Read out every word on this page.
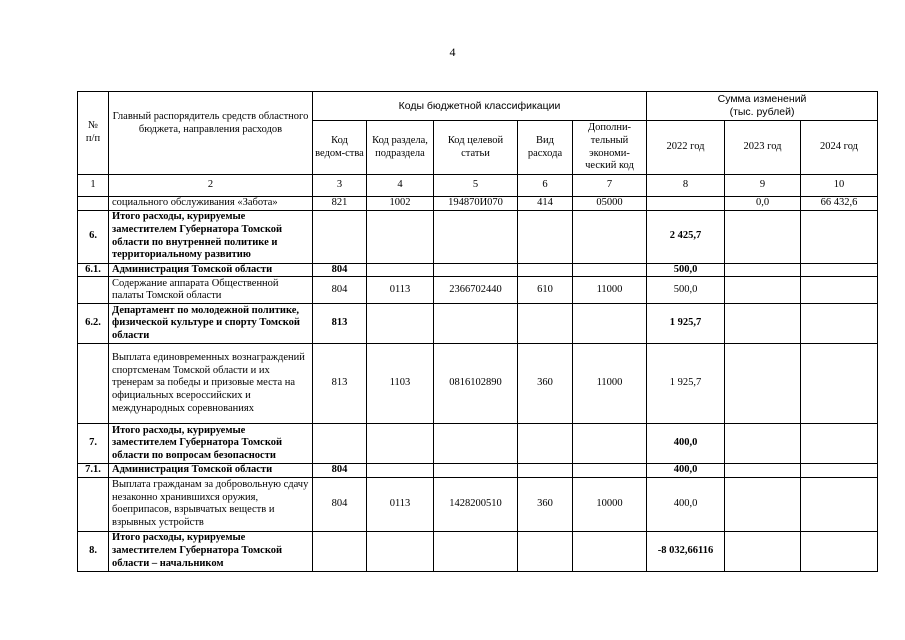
4
№
п/п	Главный распорядитель средств областного бюджета, направления расходов	Коды бюджетной классификации					Сумма изменений
(тыс. рублей)		
		Код ведом-ства	Код раздела, подраздела	Код целевой статьи	Вид расхода	Дополни-тельный экономи-ческий код	2022 год	2023 год	2024 год
1	2	3	4	5	6	7	8	9	10
	социального обслуживания «Забота»	821	1002	194870И070	414	05000		0,0	66 432,6
6.	Итого расходы, курируемые заместителем Губернатора Томской области по внутренней политике и территориальному развитию						2 425,7		
6.1.	Администрация Томской области	804					500,0		
	Содержание аппарата Общественной палаты Томской области	804	0113	2366702440	610	11000	500,0		
6.2.	Департамент по молодежной политике, физической культуре и спорту Томской области	813					1 925,7		
	Выплата единовременных вознаграждений спортсменам Томской области и их тренерам за победы и призовые места на официальных всероссийских и международных соревнованиях	813	1103	0816102890	360	11000	1 925,7		
7.	Итого расходы, курируемые заместителем Губернатора Томской области по вопросам безопасности						400,0		
7.1.	Администрация Томской области	804					400,0		
	Выплата гражданам за добровольную сдачу незаконно хранившихся оружия, боеприпасов, взрывчатых веществ и взрывных устройств	804	0113	1428200510	360	10000	400,0		
8.	Итого расходы, курируемые заместителем Губернатора Томской области – начальником						-8 032,66116		
